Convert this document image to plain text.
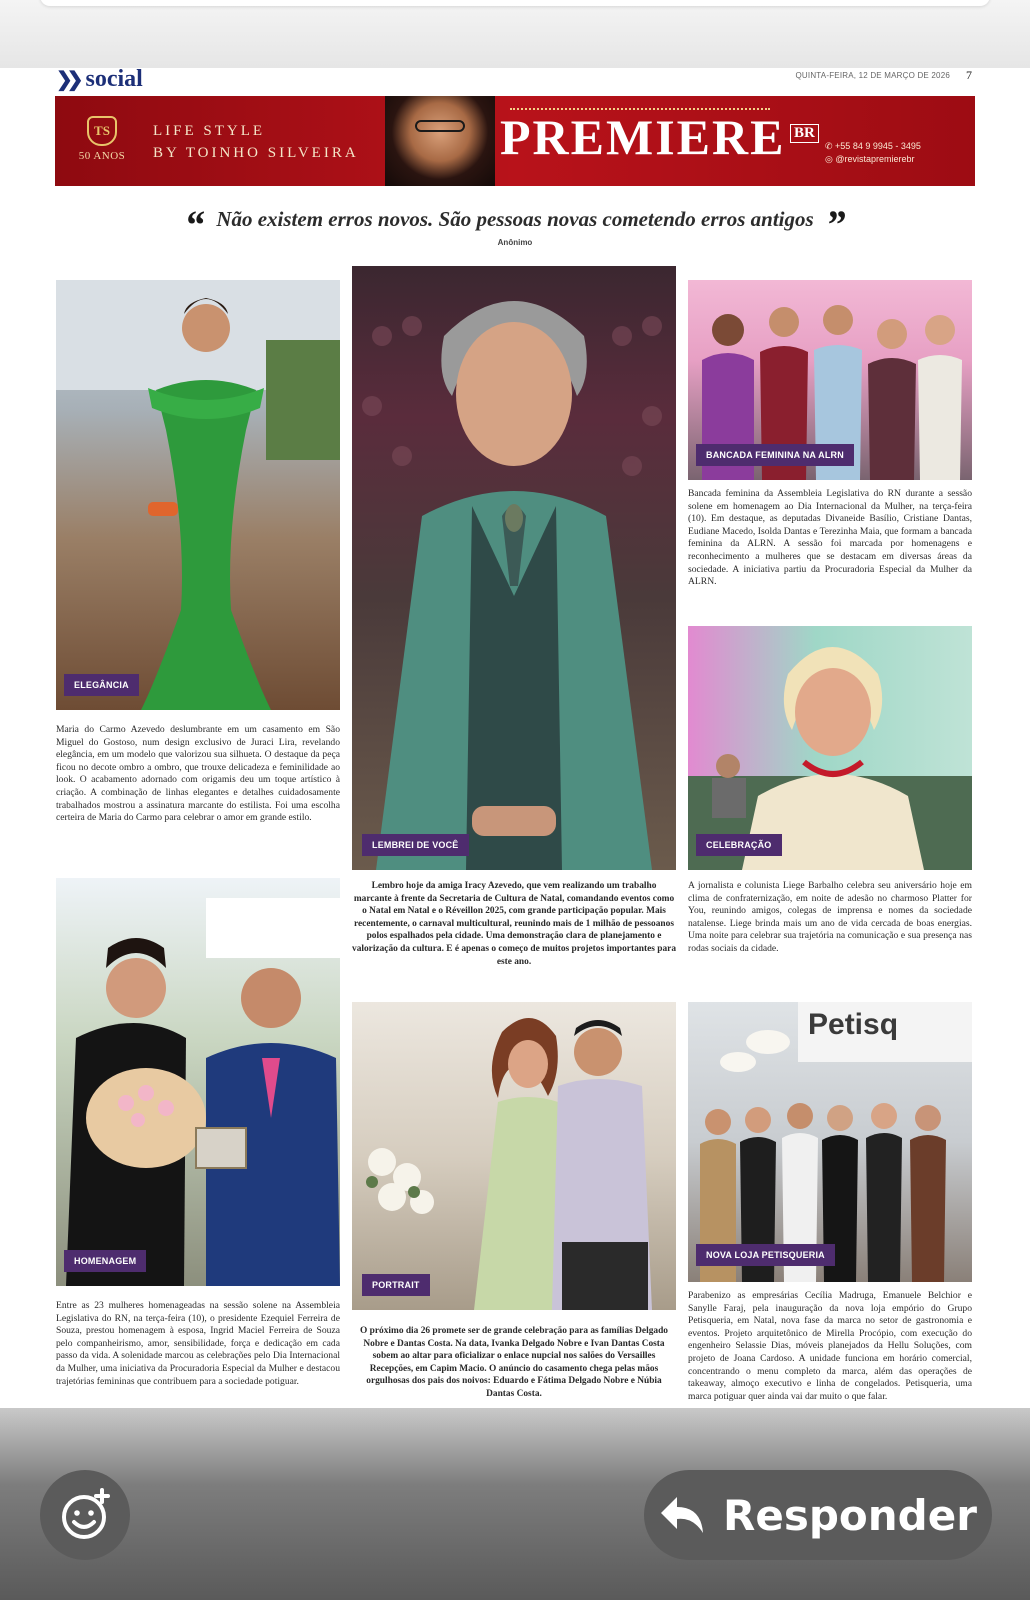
❯❯ social	QUINTA-FEIRA, 12 DE MARÇO DE 2026 7
TS
50 ANOS
LIFE STYLE
BY TOINHO SILVEIRA	PREMIERE BR
✆ +55 84 9 9945 - 3495
◎ @revistapremierebr
“ Não existem erros novos. São pessoas novas cometendo erros antigos ”
Anônimo
ELEGÂNCIA
Maria do Carmo Azevedo deslumbrante em um casamento em São Miguel do Gostoso, num design exclusivo de Juraci Lira, revelando elegância, em um modelo que valorizou sua silhueta. O destaque da peça ficou no decote ombro a ombro, que trouxe delicadeza e feminilidade ao look. O acabamento adornado com origamis deu um toque artístico à criação. A combinação de linhas elegantes e detalhes cuidadosamente trabalhados mostrou a assinatura marcante do estilista. Foi uma escolha certeira de Maria do Carmo para celebrar o amor em grande estilo.
LEMBREI DE VOCÊ
Lembro hoje da amiga Iracy Azevedo, que vem realizando um trabalho marcante à frente da Secretaria de Cultura de Natal, comandando eventos como o Natal em Natal e o Réveillon 2025, com grande participação popular. Mais recentemente, o carnaval multicultural, reunindo mais de 1 milhão de pessoanos polos espalhados pela cidade. Uma demonstração clara de planejamento e valorização da cultura. E é apenas o começo de muitos projetos importantes para este ano.
BANCADA FEMININA NA ALRN
Bancada feminina da Assembleia Legislativa do RN durante a sessão solene em homenagem ao Dia Internacional da Mulher, na terça-feira (10). Em destaque, as deputadas Divaneide Basílio, Cristiane Dantas, Eudiane Macedo, Isolda Dantas e Terezinha Maia, que formam a bancada feminina da ALRN. A sessão foi marcada por homenagens e reconhecimento a mulheres que se destacam em diversas áreas da sociedade. A iniciativa partiu da Procuradoria Especial da Mulher da ALRN.
CELEBRAÇÃO
A jornalista e colunista Liege Barbalho celebra seu aniversário hoje em clima de confraternização, em noite de adesão no charmoso Platter for You, reunindo amigos, colegas de imprensa e nomes da sociedade natalense. Liege brinda mais um ano de vida cercada de boas energias. Uma noite para celebrar sua trajetória na comunicação e sua presença nas rodas sociais da cidade.
HOMENAGEM
Entre as 23 mulheres homenageadas na sessão solene na Assembleia Legislativa do RN, na terça-feira (10), o presidente Ezequiel Ferreira de Souza, prestou homenagem à esposa, Ingrid Maciel Ferreira de Souza pelo companheirismo, amor, sensibilidade, força e dedicação em cada passo da vida. A solenidade marcou as celebrações pelo Dia Internacional da Mulher, uma iniciativa da Procuradoria Especial da Mulher e destacou trajetórias femininas que contribuem para a sociedade potiguar.
PORTRAIT
O próximo dia 26 promete ser de grande celebração para as famílias Delgado Nobre e Dantas Costa. Na data, Ivanka Delgado Nobre e Ivan Dantas Costa sobem ao altar para oficializar o enlace nupcial nos salões do Versailles Recepções, em Capim Macio. O anúncio do casamento chega pelas mãos orgulhosas dos pais dos noivos: Eduardo e Fátima Delgado Nobre e Núbia Dantas Costa.
Petisq
NOVA LOJA PETISQUERIA
Parabenizo as empresárias Cecília Madruga, Emanuele Belchior e Sanylle Faraj, pela inauguração da nova loja empório do Grupo Petisqueria, em Natal, nova fase da marca no setor de gastronomia e eventos. Projeto arquitetônico de Mirella Procópio, com execução do engenheiro Selassie Dias, móveis planejados da Hellu Soluções, com projeto de Joana Cardoso. A unidade funciona em horário comercial, concentrando o menu completo da marca, além das operações de takeaway, almoço executivo e linha de congelados. Petisqueria, uma marca potiguar quer ainda vai dar muito o que falar.
Responder
